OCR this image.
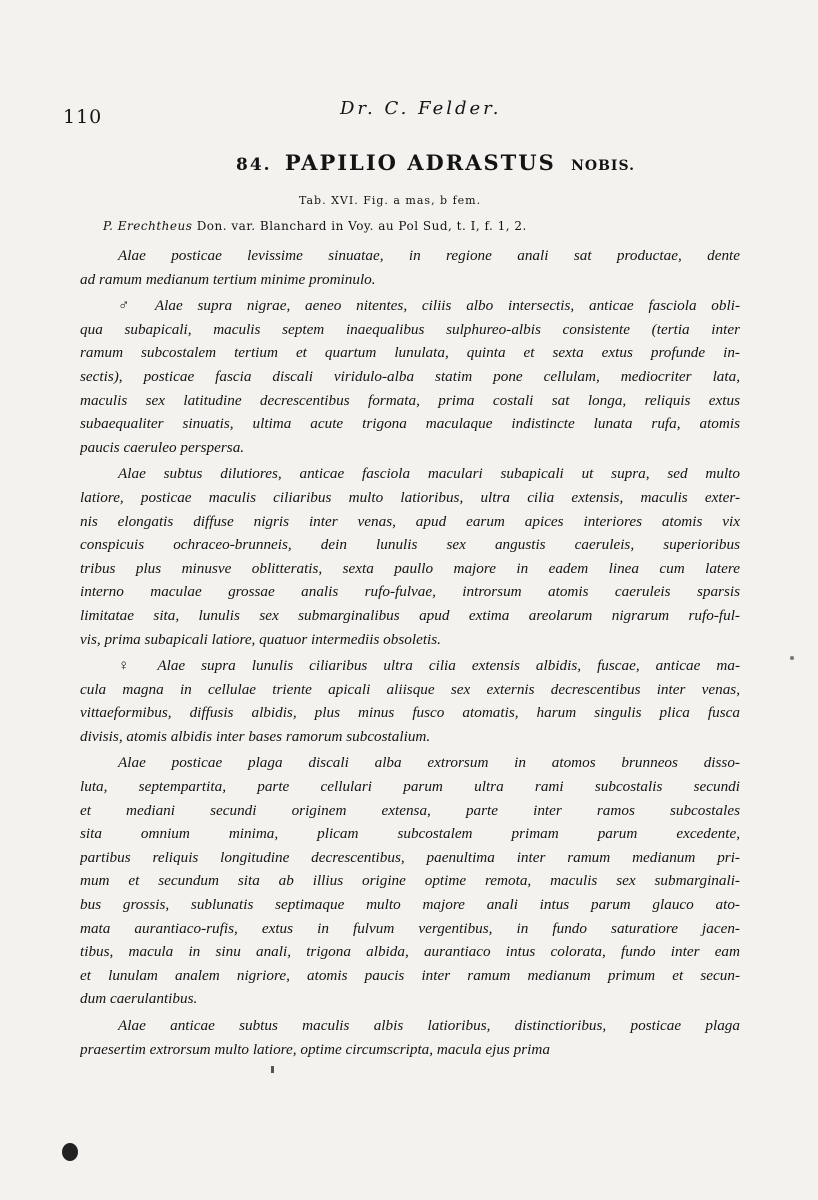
110	Dr. C. Felder.
84. PAPILIO ADRASTUS NOBIS.
Tab. XVI. Fig. a mas, b fem.
P. Erechtheus Don. var. Blanchard in Voy. au Pol Sud, t. I, f. 1, 2.
Alae posticae levissime sinuatae, in regione anali sat productae, dente
ad ramum medianum tertium minime prominulo.
♂ Alae supra nigrae, aeneo nitentes, ciliis albo intersectis, anticae fasciola obli-
qua subapicali, maculis septem inaequalibus sulphureo-albis consistente (tertia inter
ramum subcostalem tertium et quartum lunulata, quinta et sexta extus profunde in-
sectis), posticae fascia discali viridulo-alba statim pone cellulam, mediocriter lata,
maculis sex latitudine decrescentibus formata, prima costali sat longa, reliquis extus
subaequaliter sinuatis, ultima acute trigona maculaque indistincte lunata rufa, atomis
paucis caeruleo perspersa.
Alae subtus dilutiores, anticae fasciola maculari subapicali ut supra, sed multo
latiore, posticae maculis ciliaribus multo latioribus, ultra cilia extensis, maculis exter-
nis elongatis diffuse nigris inter venas, apud earum apices interiores atomis vix
conspicuis ochraceo-brunneis, dein lunulis sex angustis caeruleis, superioribus
tribus plus minusve oblitteratis, sexta paullo majore in eadem linea cum latere
interno maculae grossae analis rufo-fulvae, introrsum atomis caeruleis sparsis
limitatae sita, lunulis sex submarginalibus apud extima areolarum nigrarum rufo-ful-
vis, prima subapicali latiore, quatuor intermediis obsoletis.
♀ Alae supra lunulis ciliaribus ultra cilia extensis albidis, fuscae, anticae ma-
cula magna in cellulae triente apicali aliisque sex externis decrescentibus inter venas,
vittaeformibus, diffusis albidis, plus minus fusco atomatis, harum singulis plica fusca
divisis, atomis albidis inter bases ramorum subcostalium.
Alae posticae plaga discali alba extrorsum in atomos brunneos disso-
luta, septempartita, parte cellulari parum ultra rami subcostalis secundi
et mediani secundi originem extensa, parte inter ramos subcostales
sita omnium minima, plicam subcostalem primam parum excedente,
partibus reliquis longitudine decrescentibus, paenultima inter ramum medianum pri-
mum et secundum sita ab illius origine optime remota, maculis sex submarginali-
bus grossis, sublunatis septimaque multo majore anali intus parum glauco ato-
mata aurantiaco-rufis, extus in fulvum vergentibus, in fundo saturatiore jacen-
tibus, macula in sinu anali, trigona albida, aurantiaco intus colorata, fundo inter eam
et lunulam analem nigriore, atomis paucis inter ramum medianum primum et secun-
dum caerulantibus.
Alae anticae subtus maculis albis latioribus, distinctioribus, posticae plaga
praesertim extrorsum multo latiore, optime circumscripta, macula ejus prima
